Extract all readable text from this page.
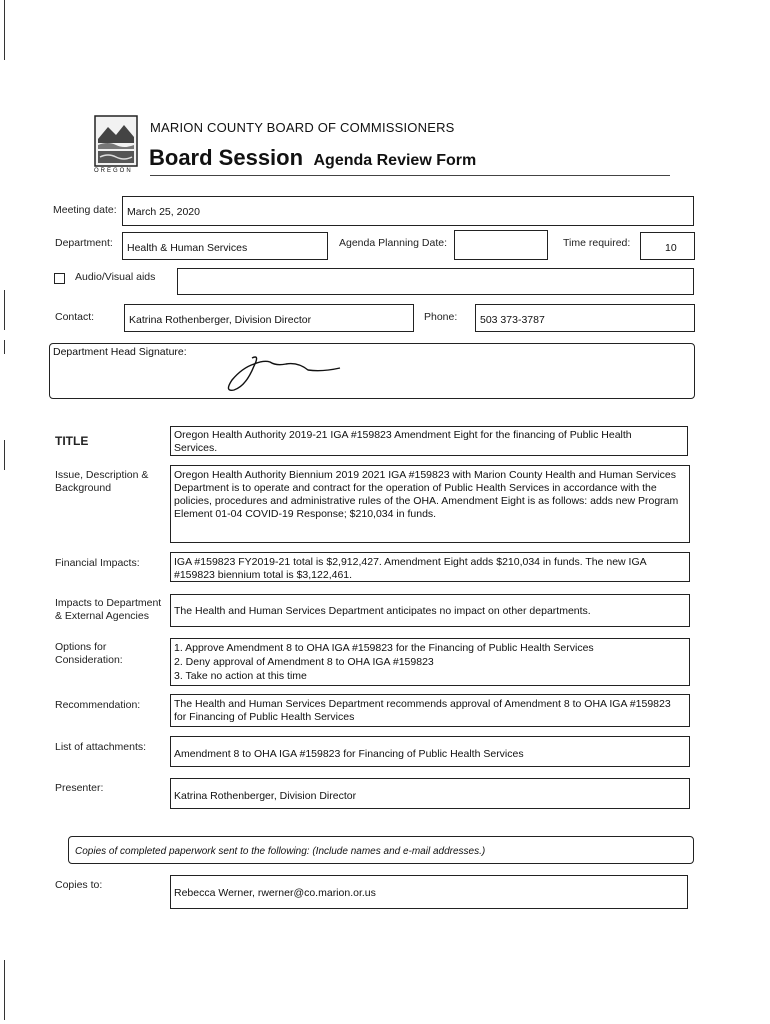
OREGON
MARION COUNTY BOARD OF COMMISSIONERS
Board Session Agenda Review Form
Meeting date: March 25, 2020
Department: Health & Human Services	Agenda Planning Date:	Time required:	10
Audio/Visual aids
Contact:	Katrina Rothenberger, Division Director	Phone: 503 373-3787
Department Head Signature:
TITLE	Oregon Health Authority 2019-21 IGA #159823 Amendment Eight for the financing of Public Health Services.
Issue, Description & Background
Oregon Health Authority Biennium 2019 2021 IGA #159823 with Marion County Health and Human Services Department is to operate and contract for the operation of Public Health Services in accordance with the policies, procedures and administrative rules of the OHA. Amendment Eight is as follows: adds new Program Element 01-04 COVID-19 Response; $210,034 in funds.
Financial Impacts:	IGA #159823 FY2019-21 total is $2,912,427. Amendment Eight adds $210,034 in funds. The new IGA #159823 biennium total is $3,122,461.
Impacts to Department & External Agencies	The Health and Human Services Department anticipates no impact on other departments.
Options for Consideration:
1. Approve Amendment 8 to OHA IGA #159823 for the Financing of Public Health Services
2. Deny approval of Amendment 8 to OHA IGA #159823
3. Take no action at this time
Recommendation:	The Health and Human Services Department recommends approval of Amendment 8 to OHA IGA #159823 for Financing of Public Health Services
List of attachments:
Amendment 8 to OHA IGA #159823 for Financing of Public Health Services
Presenter:
Katrina Rothenberger, Division Director
Copies of completed paperwork sent to the following: (Include names and e-mail addresses.)
Copies to:
Rebecca Werner, rwerner@co.marion.or.us
